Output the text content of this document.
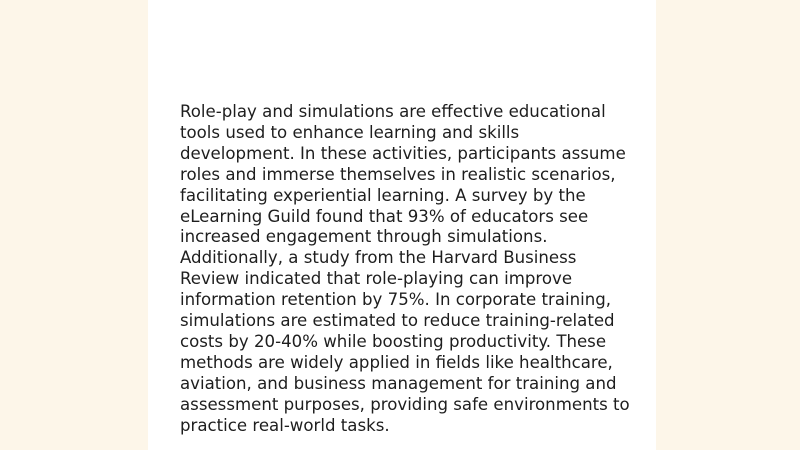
Role-play and simulations are effective educational
tools used to enhance learning and skills
development. In these activities, participants assume
roles and immerse themselves in realistic scenarios,
facilitating experiential learning. A survey by the
eLearning Guild found that 93% of educators see
increased engagement through simulations.
Additionally, a study from the Harvard Business
Review indicated that role-playing can improve
information retention by 75%. In corporate training,
simulations are estimated to reduce training-related
costs by 20-40% while boosting productivity. These
methods are widely applied in fields like healthcare,
aviation, and business management for training and
assessment purposes, providing safe environments to
practice real-world tasks.
